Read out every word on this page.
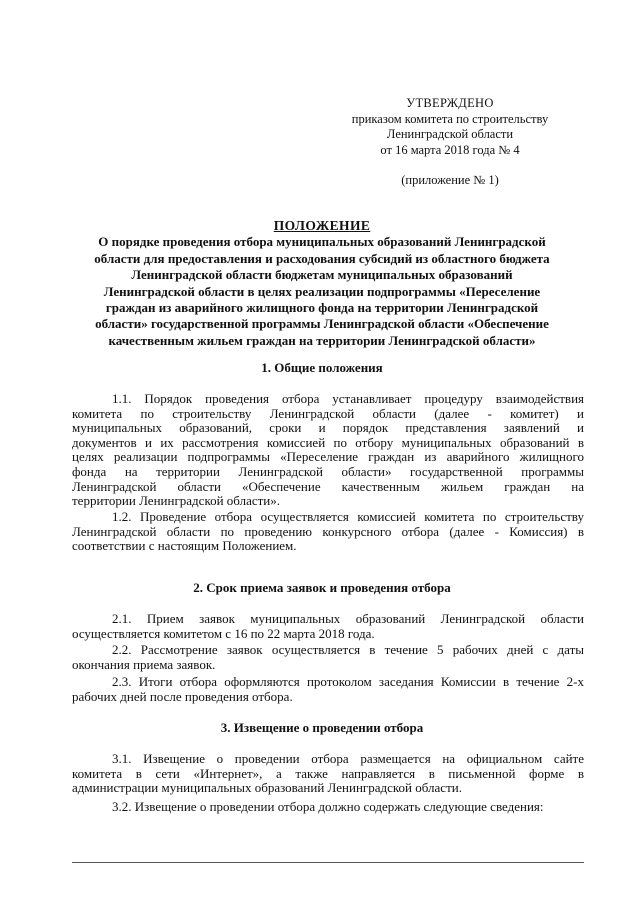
УТВЕРЖДЕНО
приказом комитета по строительству
Ленинградской области
от 16 марта 2018 года № 4
(приложение № 1)
ПОЛОЖЕНИЕ
О порядке проведения отбора муниципальных образований Ленинградской
области для предоставления и расходования субсидий из областного бюджета
Ленинградской области бюджетам муниципальных образований
Ленинградской области в целях реализации подпрограммы «Переселение
граждан из аварийного жилищного фонда на территории Ленинградской
области» государственной программы Ленинградской области «Обеспечение
качественным жильем граждан на территории Ленинградской области»
1. Общие положения
1.1. Порядок проведения отбора устанавливает процедуру взаимодействия
комитета по строительству Ленинградской области (далее - комитет) и
муниципальных образований, сроки и порядок представления заявлений и
документов и их рассмотрения комиссией по отбору муниципальных образований в
целях реализации подпрограммы «Переселение граждан из аварийного жилищного
фонда на территории Ленинградской области» государственной программы
Ленинградской области «Обеспечение качественным жильем граждан на
территории Ленинградской области».
1.2. Проведение отбора осуществляется комиссией комитета по строительству
Ленинградской области по проведению конкурсного отбора (далее - Комиссия) в
соответствии с настоящим Положением.
2. Срок приема заявок и проведения отбора
2.1. Прием заявок муниципальных образований Ленинградской области
осуществляется комитетом с 16 по 22 марта 2018 года.
2.2. Рассмотрение заявок осуществляется в течение 5 рабочих дней с даты
окончания приема заявок.
2.3. Итоги отбора оформляются протоколом заседания Комиссии в течение 2-х
рабочих дней после проведения отбора.
3. Извещение о проведении отбора
3.1. Извещение о проведении отбора размещается на официальном сайте
комитета в сети «Интернет», а также направляется в письменной форме в
администрации муниципальных образований Ленинградской области.
3.2. Извещение о проведении отбора должно содержать следующие сведения:
